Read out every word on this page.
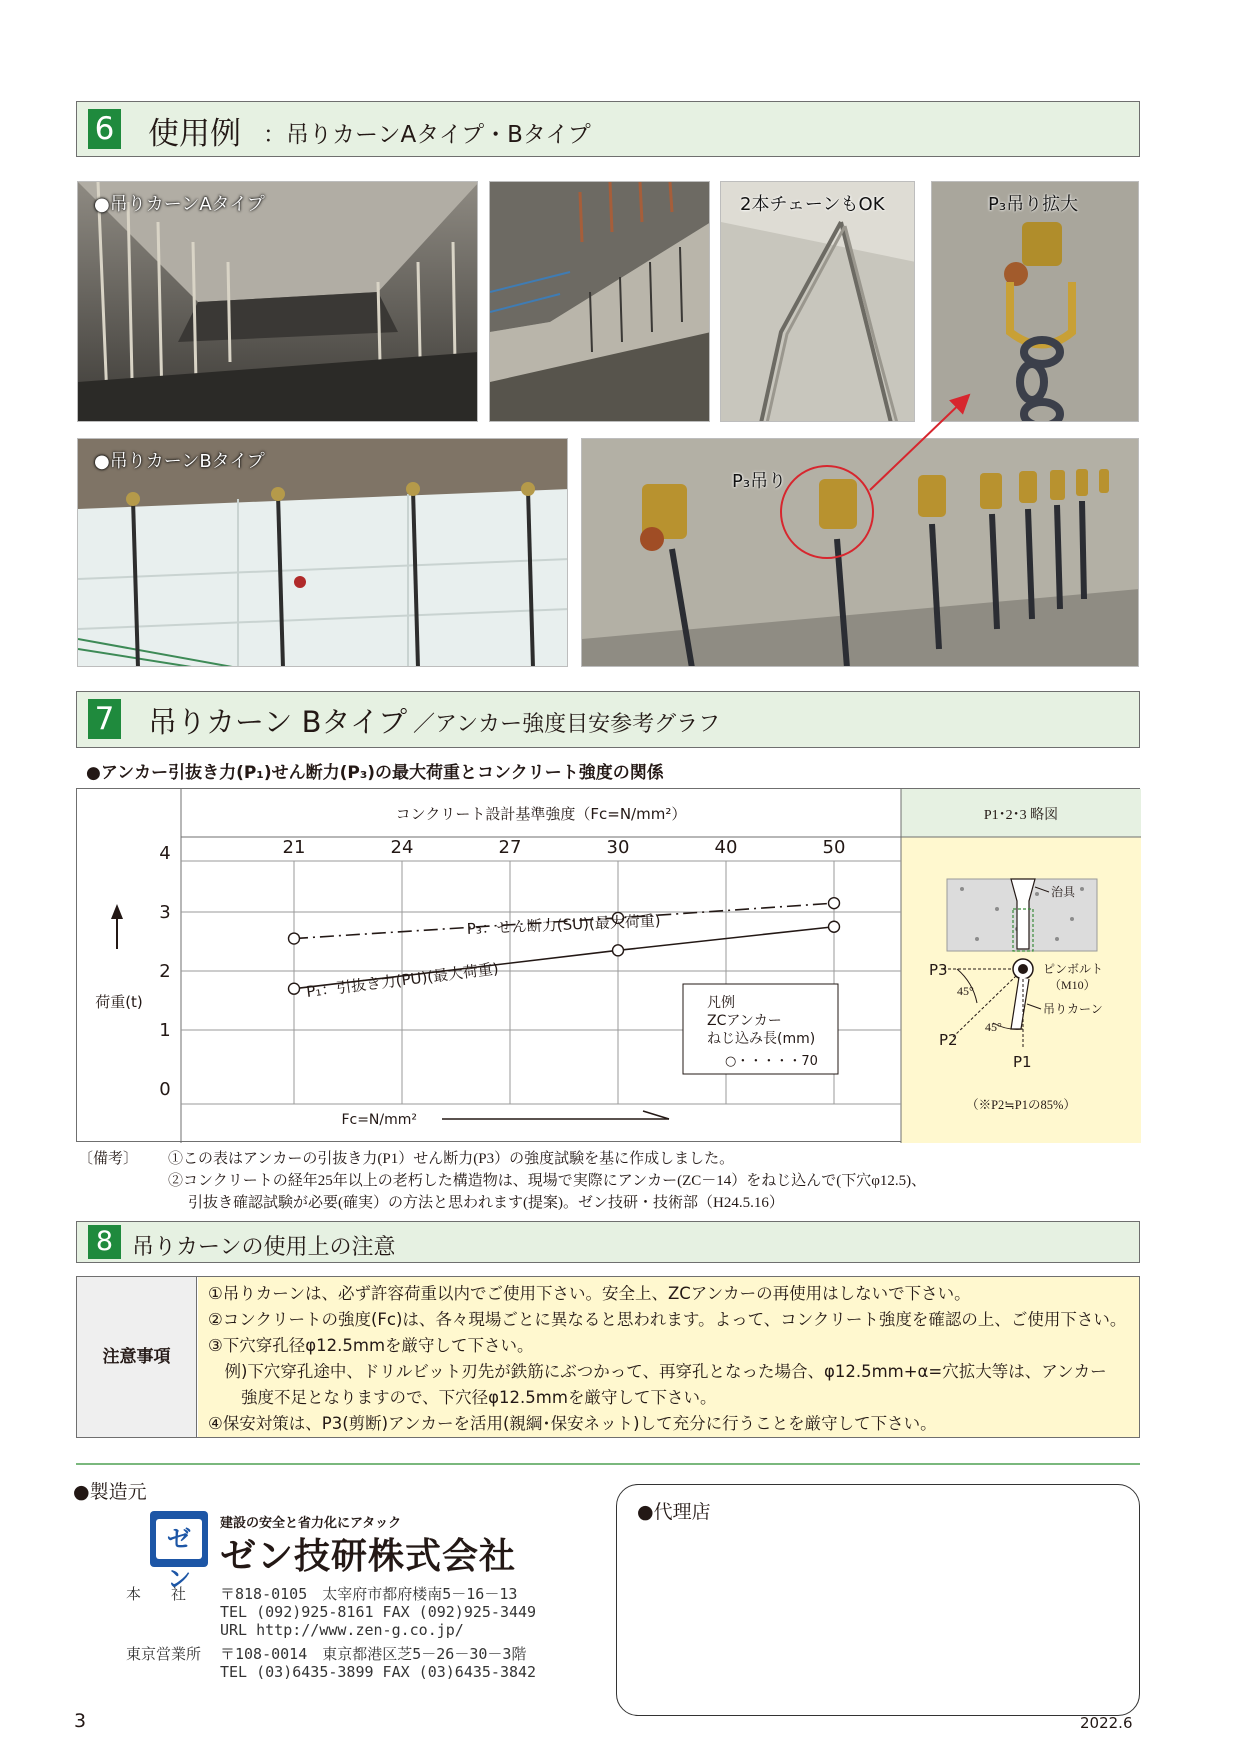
6 使用例 ：吊りカーンAタイプ・Bタイプ
●吊りカーンAタイプ	2本チェーンもOK	P₃吊り拡大
●吊りカーンBタイプ
P₃吊り
7 吊りカーン Bタイプ ／アンカー強度目安参考グラフ
●アンカー引抜き力(P₁)せん断力(P₃)の最大荷重とコンクリート強度の関係
コンクリート設計基準強度（Fc=N/mm²）
21	24	27	30	40	50
4
3
2
1
0
荷重(t)
Fc=N/mm²
P₃：せん断力(SU)(最大荷重)
P₁：引抜き力(PU)(最大荷重)
凡例
ZCアンカー
ねじ込み長(mm)
○・・・・・70
P1･2･3 略図
P3
P2
P1
45°
45°
治具
ピンボルト
（M10）
吊りカーン
（※P2≒P1の85%）
〔備考〕 ①この表はアンカーの引抜き力(P1）せん断力(P3）の強度試験を基に作成しました。
②コンクリートの経年25年以上の老朽した構造物は、現場で実際にアンカー(ZC－14）をねじ込んで(下穴φ12.5)、
引抜き確認試験が必要(確実）の方法と思われます(提案)。ゼン技研・技術部（H24.5.16）
8 吊りカーンの使用上の注意
注意事項
①吊りカーンは、必ず許容荷重以内でご使用下さい。安全上、ZCアンカーの再使用はしないで下さい。
②コンクリートの強度(Fc)は、各々現場ごとに異なると思われます。よって、コンクリート強度を確認の上、ご使用下さい。
③下穴穿孔径φ12.5mmを厳守して下さい。
　例)下穴穿孔途中、ドリルビット刃先が鉄筋にぶつかって、再穿孔となった場合、φ12.5mm+α=穴拡大等は、アンカー
　　強度不足となりますので、下穴径φ12.5mmを厳守して下さい。
④保安対策は、P3(剪断)アンカーを活用(親綱･保安ネット)して充分に行うことを厳守して下さい。
●製造元
建設の安全と省力化にアタック
ゼン
ゼン技研株式会社
本　　社 〒818-0105　太宰府市都府楼南5－16－13
TEL (092)925-8161 FAX (092)925-3449
URL http://www.zen-g.co.jp/
東京営業所 〒108-0014　東京都港区芝5－26－30－3階
TEL (03)6435-3899 FAX (03)6435-3842
●代理店
3	2022.6
